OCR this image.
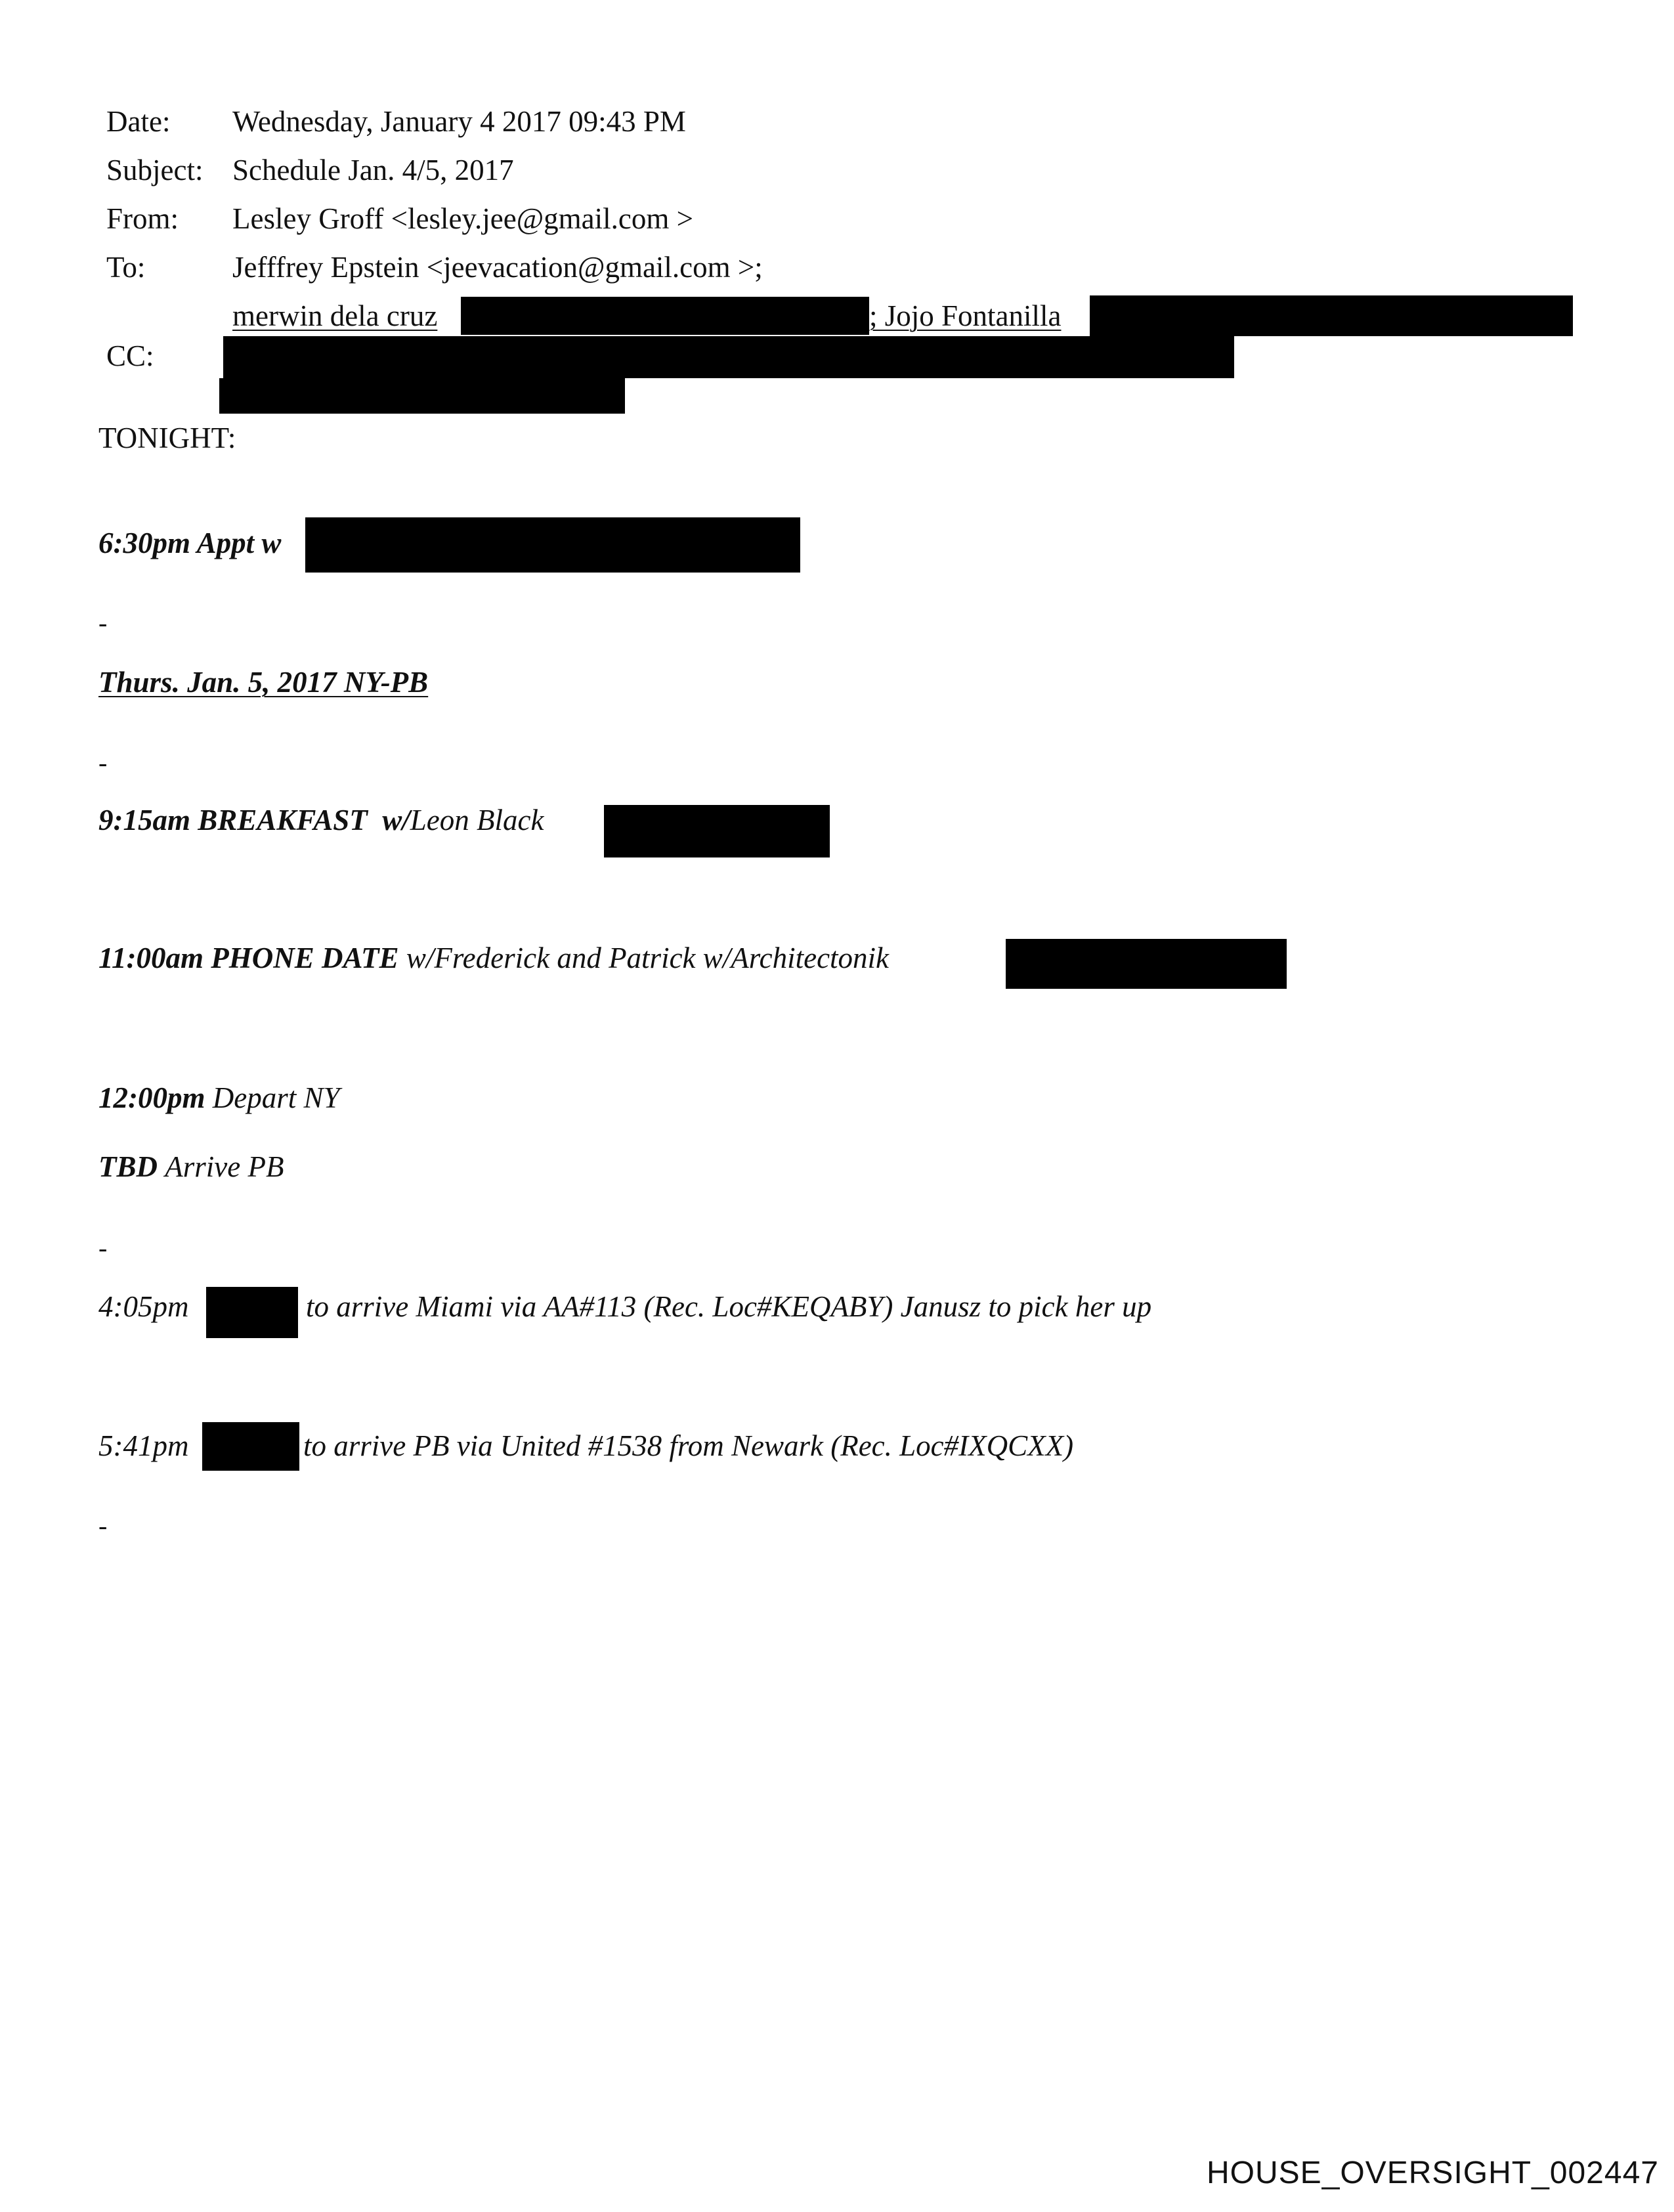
Date: Wednesday, January 4 2017 09:43 PM
Subject: Schedule Jan. 4/5, 2017
From: Lesley Groff <lesley.jee@gmail.com >
To:	Jefffrey Epstein <jeevacation@gmail.com >;
merwin dela cruz	; Jojo Fontanilla
CC:
TONIGHT:
6:30pm Appt w
-
Thurs. Jan. 5, 2017 NY-PB
-
9:15am BREAKFAST w/Leon Black
11:00am PHONE DATE w/Frederick and Patrick w/Architectonik
12:00pm Depart NY
TBD Arrive PB
-
4:05pm	to arrive Miami via AA#113 (Rec. Loc#KEQABY) Janusz to pick her up
5:41pm	to arrive PB via United #1538 from Newark (Rec. Loc#IXQCXX)
-
HOUSE_OVERSIGHT_002447
